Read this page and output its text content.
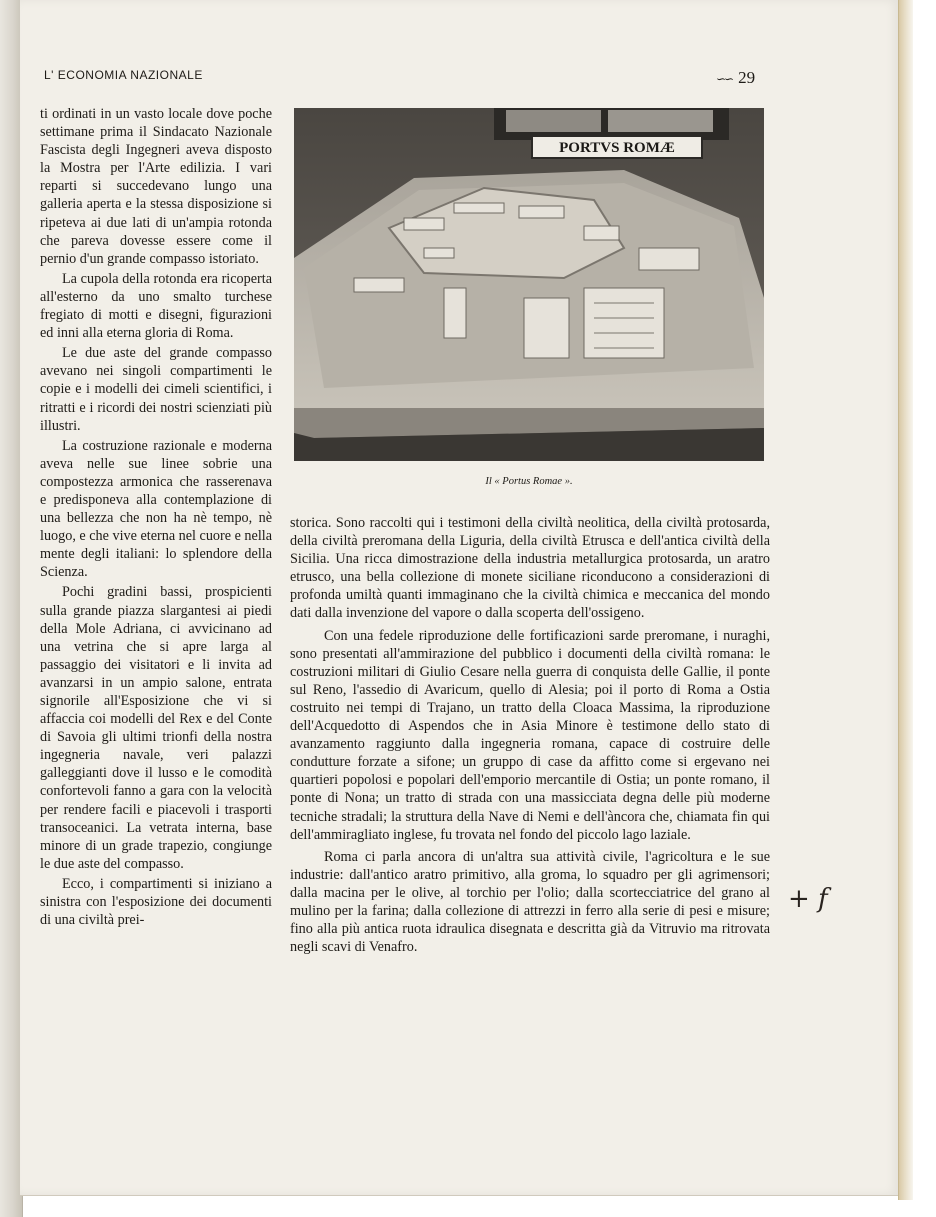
L' ECONOMIA NAZIONALE	∽∽ 29

ti ordinati in un vasto locale dove poche settimane prima il Sindacato Nazionale Fascista degli Ingegneri aveva disposto la Mostra per l'Arte edilizia. I vari reparti si succedevano lungo una galleria aperta e la stessa disposizione si ripeteva ai due lati di un'ampia rotonda che pareva dovesse essere come il pernio d'un grande compasso istoriato.

La cupola della rotonda era ricoperta all'esterno da uno smalto turchese fregiato di motti e disegni, figurazioni ed inni alla eterna gloria di Roma.

Le due aste del grande compasso avevano nei singoli compartimenti le copie e i modelli dei cimeli scientifici, i ritratti e i ricordi dei nostri scienziati più illustri.

La costruzione razionale e moderna aveva nelle sue linee sobrie una compostezza armonica che rasserenava e predisponeva alla contemplazione di una bellezza che non ha nè tempo, nè luogo, e che vive eterna nel cuore e nella mente degli italiani: lo splendore della Scienza.

Pochi gradini bassi, prospicienti sulla grande piazza slargantesi ai piedi della Mole Adriana, ci avvicinano ad una vetrina che si apre larga al passaggio dei visitatori e li invita ad avanzarsi in un ampio salone, entrata signorile all'Esposizione che vi si affaccia coi modelli del Rex e del Conte di Savoia gli ultimi trionfi della nostra ingegneria navale, veri palazzi galleggianti dove il lusso e le comodità confortevoli fanno a gara con la velocità per rendere facili e piacevoli i trasporti transoceanici. La vetrata interna, base minore di un grade trapezio, congiunge le due aste del compasso.

Ecco, i compartimenti si iniziano a sinistra con l'esposizione dei documenti di una civiltà prei-

PORTVS ROMÆ
Il « Portus Romae ».

storica. Sono raccolti qui i testimoni della civiltà neolitica, della civiltà protosarda, della civiltà preromana della Liguria, della civiltà Etrusca e dell'antica civiltà della Sicilia. Una ricca dimostrazione della industria metallurgica protosarda, un aratro etrusco, una bella collezione di monete siciliane riconducono a considerazioni di profonda umiltà quanti immaginano che la civiltà chimica e meccanica del mondo dati dalla invenzione del vapore o dalla scoperta dell'ossigeno.

Con una fedele riproduzione delle fortificazioni sarde preromane, i nuraghi, sono presentati all'ammirazione del pubblico i documenti della civiltà romana: le costruzioni militari di Giulio Cesare nella guerra di conquista delle Gallie, il ponte sul Reno, l'assedio di Avaricum, quello di Alesia; poi il porto di Roma a Ostia costruito nei tempi di Trajano, un tratto della Cloaca Massima, la riproduzione dell'Acquedotto di Aspendos che in Asia Minore è testimone dello stato di avanzamento raggiunto dalla ingegneria romana, capace di costruire delle condutture forzate a sifone; un gruppo di case da affitto come si ergevano nei quartieri popolosi e popolari dell'emporio mercantile di Ostia; un ponte romano, il ponte di Nona; un tratto di strada con una massicciata degna delle più moderne tecniche stradali; la struttura della Nave di Nemi e dell'àncora che, chiamata fin qui dell'ammiragliato inglese, fu trovata nel fondo del piccolo lago laziale.

Roma ci parla ancora di un'altra sua attività civile, l'agricoltura e le sue industrie: dall'antico aratro primitivo, alla groma, lo squadro per gli agrimensori; dalla macina per le olive, al torchio per l'olio; dalla scortecciatrice del grano al mulino per la farina; dalla collezione di attrezzi in ferro alla serie di pesi e misure; fino alla più antica ruota idraulica disegnata e descritta già da Vitruvio ma ritrovata negli scavi di Venafro.

+ f
